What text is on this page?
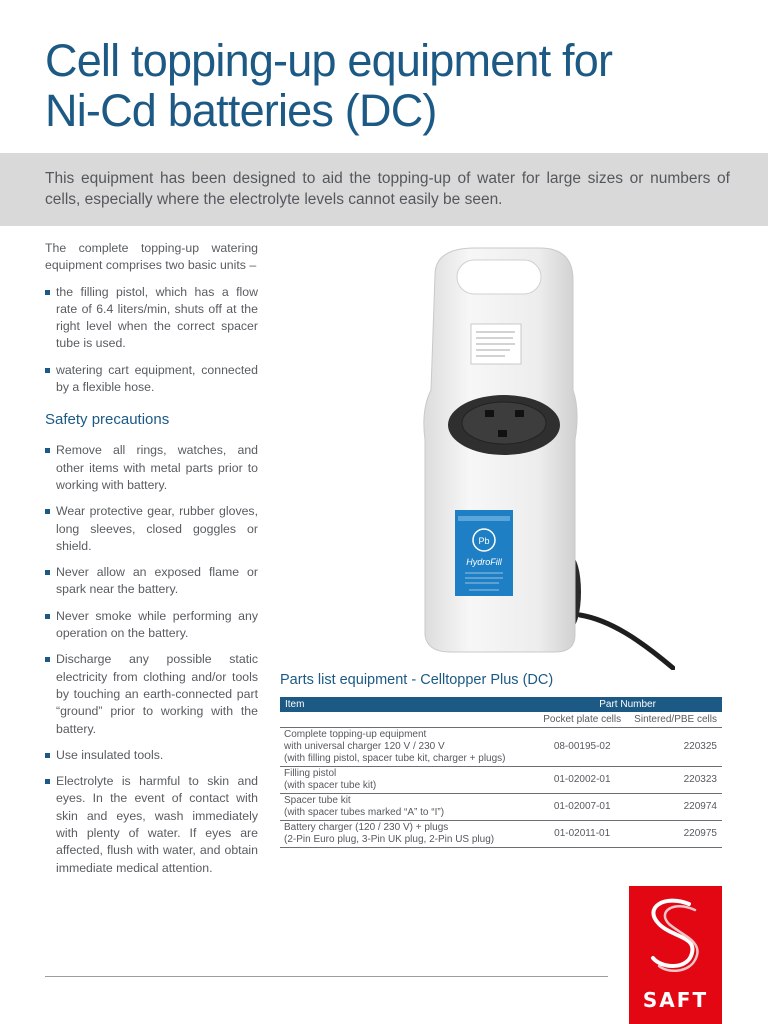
Cell topping-up equipment for
Ni-Cd batteries (DC)

This equipment has been designed to aid the topping-up of water for large sizes or numbers of cells, especially where the electrolyte levels cannot easily be seen.

The complete topping-up watering equipment comprises two basic units –

the filling pistol, which has a flow rate of 6.4 liters/min, shuts off at the right level when the correct spacer tube is used.
watering cart equipment, connected by a flexible hose.
Safety precautions
Remove all rings, watches, and other items with metal parts prior to working with battery.
Wear protective gear, rubber gloves, long sleeves, closed goggles or shield.
Never allow an exposed flame or spark near the battery.
Never smoke while performing any operation on the battery.
Discharge any possible static electricity from clothing and/or tools by touching an earth-connected part “ground” prior to working with the battery.
Use insulated tools.
Electrolyte is harmful to skin and eyes. In the event of contact with skin and eyes, wash immediately with plenty of water. If eyes are affected, flush with water, and obtain immediate medical attention.
Pb
HydroFill
Parts list equipment - Celltopper Plus (DC)
Item	Part Number	
	Pocket plate cells	Sintered/PBE cells

Complete topping-up equipment
with universal charger 120 V / 230 V
(with filling pistol, spacer tube kit, charger + plugs)	08-00195-02	220325

Filling pistol
(with spacer tube kit)	01-02002-01	220323

Spacer tube kit
(with spacer tubes marked “A” to “I”)	01-02007-01	220974

Battery charger (120 / 230 V) + plugs
(2-Pin Euro plug, 3-Pin UK plug, 2-Pin US plug)	01-02011-01	220975
SAFT
